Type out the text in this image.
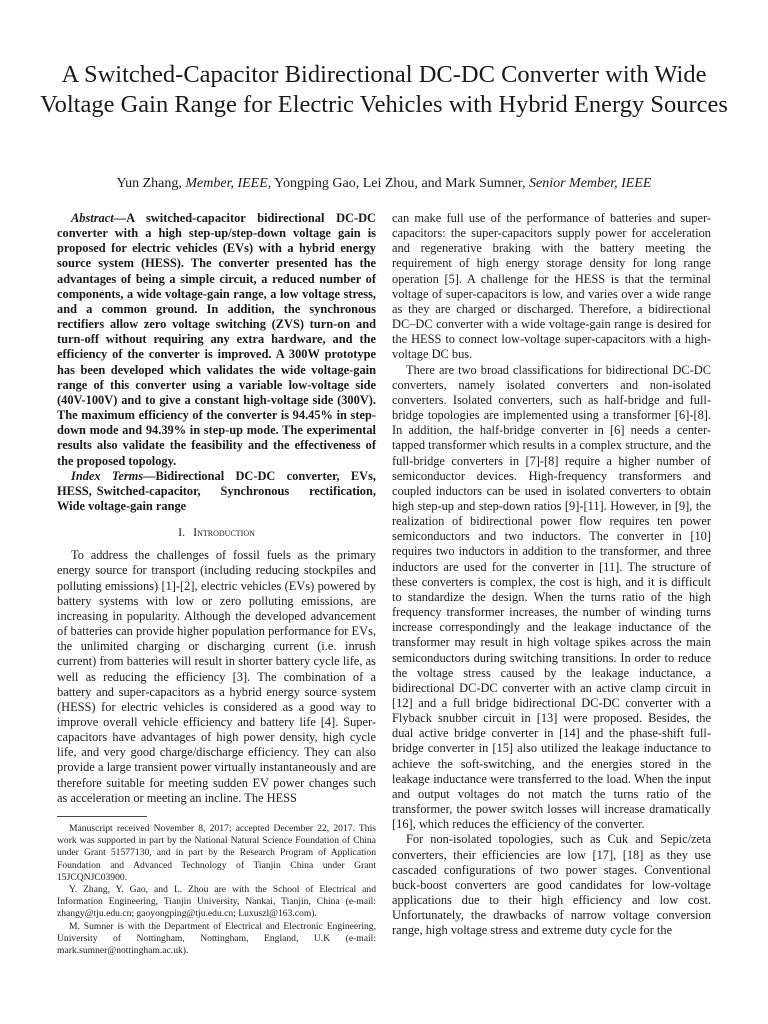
A Switched-Capacitor Bidirectional DC-DC Converter with Wide Voltage Gain Range for Electric Vehicles with Hybrid Energy Sources

Yun Zhang, Member, IEEE, Yongping Gao, Lei Zhou, and Mark Sumner, Senior Member, IEEE

Abstract—A switched-capacitor bidirectional DC-DC converter with a high step-up/step-down voltage gain is proposed for electric vehicles (EVs) with a hybrid energy source system (HESS). The converter presented has the advantages of being a simple circuit, a reduced number of components, a wide voltage-gain range, a low voltage stress, and a common ground. In addition, the synchronous rectifiers allow zero voltage switching (ZVS) turn-on and turn-off without requiring any extra hardware, and the efficiency of the converter is improved. A 300W prototype has been developed which validates the wide voltage-gain range of this converter using a variable low-voltage side (40V-100V) and to give a constant high-voltage side (300V). The maximum efficiency of the converter is 94.45% in step-down mode and 94.39% in step-up mode. The experimental results also validate the feasibility and the effectiveness of the proposed topology.

Index Terms—Bidirectional DC-DC converter, EVs, HESS, Switched-capacitor,    Synchronous    rectification,    Wide voltage-gain range

I. Introduction

To address the challenges of fossil fuels as the primary energy source for transport (including reducing stockpiles and polluting emissions) [1]-[2], electric vehicles (EVs) powered by battery systems with low or zero polluting emissions, are increasing in popularity. Although the developed advancement of batteries can provide higher population performance for EVs, the unlimited charging or discharging current (i.e. inrush current) from batteries will result in shorter battery cycle life, as well as reducing the efficiency [3]. The combination of a battery and super-capacitors as a hybrid energy source system (HESS) for electric vehicles is considered as a good way to improve overall vehicle efficiency and battery life [4]. Super-capacitors have advantages of high power density, high cycle life, and very good charge/discharge efficiency. They can also provide a large transient power virtually instantaneously and are therefore suitable for meeting sudden EV power changes such as acceleration or meeting an incline. The HESS

Manuscript received November 8, 2017; accepted December 22, 2017. This work was supported in part by the National Natural Science Foundation of China under Grant 51577130, and in part by the Research Program of Application Foundation and Advanced Technology of Tianjin China under Grant 15JCQNJC03900.

Y. Zhang, Y. Gao, and L. Zhou are with the School of Electrical and Information Engineering, Tianjin University, Nankai, Tianjin, China (e-mail: zhangy@tju.edu.cn; gaoyongping@tju.edu.cn; Luxuszl@163.com).

M. Sumner is with the Department of Electrical and Electronic Engineering, University of Nottingham, Nottingham, England, U.K (e-mail: mark.sumner@nottingham.ac.uk).

can make full use of the performance of batteries and super-capacitors: the super-capacitors supply power for acceleration and regenerative braking with the battery meeting the requirement of high energy storage density for long range operation [5]. A challenge for the HESS is that the terminal voltage of super-capacitors is low, and varies over a wide range as they are charged or discharged. Therefore, a bidirectional DC–DC converter with a wide voltage-gain range is desired for the HESS to connect low-voltage super-capacitors with a high-voltage DC bus.

There are two broad classifications for bidirectional DC-DC converters, namely isolated converters and non-isolated converters. Isolated converters, such as half-bridge and full-bridge topologies are implemented using a transformer [6]-[8]. In addition, the half-bridge converter in [6] needs a center-tapped transformer which results in a complex structure, and the full-bridge converters in [7]-[8] require a higher number of semiconductor devices. High-frequency transformers and coupled inductors can be used in isolated converters to obtain high step-up and step-down ratios [9]-[11]. However, in [9], the realization of bidirectional power flow requires ten power semiconductors and two inductors. The converter in [10] requires two inductors in addition to the transformer, and three inductors are used for the converter in [11]. The structure of these converters is complex, the cost is high, and it is difficult to standardize the design. When the turns ratio of the high frequency transformer increases, the number of winding turns increase correspondingly and the leakage inductance of the transformer may result in high voltage spikes across the main semiconductors during switching transitions. In order to reduce the voltage stress caused by the leakage inductance, a bidirectional DC-DC converter with an active clamp circuit in [12] and a full bridge bidirectional DC-DC converter with a Flyback snubber circuit in [13] were proposed. Besides, the dual active bridge converter in [14] and the phase-shift full-bridge converter in [15] also utilized the leakage inductance to achieve the soft-switching, and the energies stored in the leakage inductance were transferred to the load. When the input and output voltages do not match the turns ratio of the transformer, the power switch losses will increase dramatically [16], which reduces the efficiency of the converter.

For non-isolated topologies, such as Cuk and Sepic/zeta converters, their efficiencies are low [17], [18] as they use cascaded configurations of two power stages. Conventional buck-boost converters are good candidates for low-voltage applications due to their high efficiency and low cost. Unfortunately, the drawbacks of narrow voltage conversion range, high voltage stress and extreme duty cycle for the
